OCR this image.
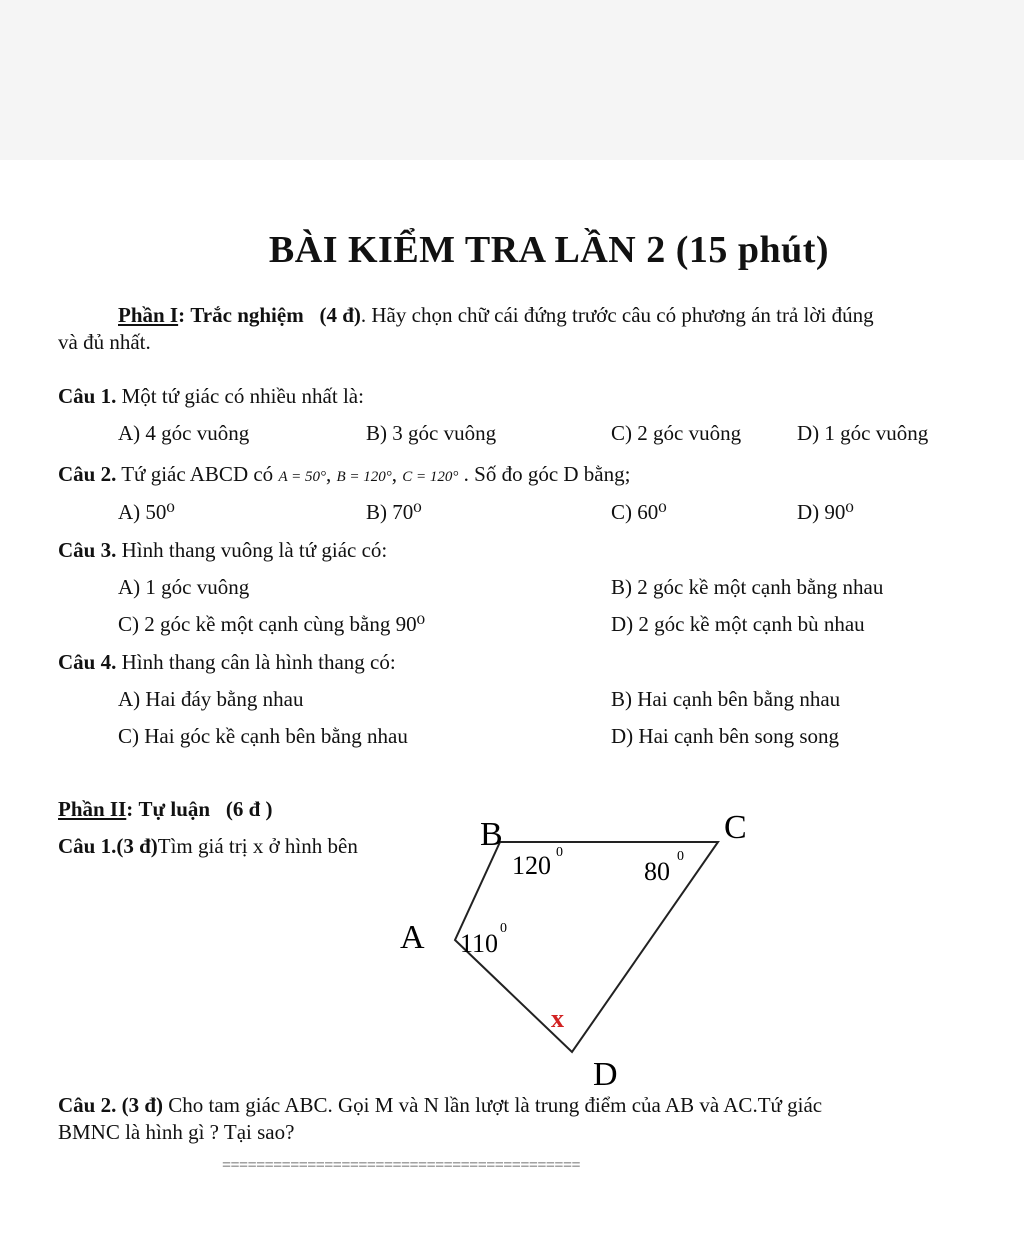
BÀI KIỂM TRA LẦN 2 (15 phút)
Phần I: Trắc nghiệm (4 đ). Hãy chọn chữ cái đứng trước câu có phương án trả lời đúng
và đủ nhất.
Câu 1. Một tứ giác có nhiều nhất là:
A) 4 góc vuông	B) 3 góc vuông	C) 2 góc vuông	D) 1 góc vuông
Câu 2. Tứ giác ABCD có A = 50°, B = 120°, C = 120° . Số đo góc D bằng;
A) 50⁰	B) 70⁰	C) 60⁰	D) 90⁰
Câu 3. Hình thang vuông là tứ giác có:
A) 1 góc vuông	B) 2 góc kề một cạnh bằng nhau
C) 2 góc kề một cạnh cùng bằng 90⁰	D) 2 góc kề một cạnh bù nhau
Câu 4. Hình thang cân là hình thang có:
A) Hai đáy bằng nhau	B) Hai cạnh bên bằng nhau
C) Hai góc kề cạnh bên bằng nhau	D) Hai cạnh bên song song
Phần II: Tự luận (6 đ )
Câu 1.(3 đ)Tìm giá trị x ở hình bên	B	C
A
D
120 0
80
0
110
0
x
Câu 2. (3 đ) Cho tam giác ABC. Gọi M và N lần lượt là trung điểm của AB và AC.Tứ giác
BMNC là hình gì ? Tại sao?
==========================================
